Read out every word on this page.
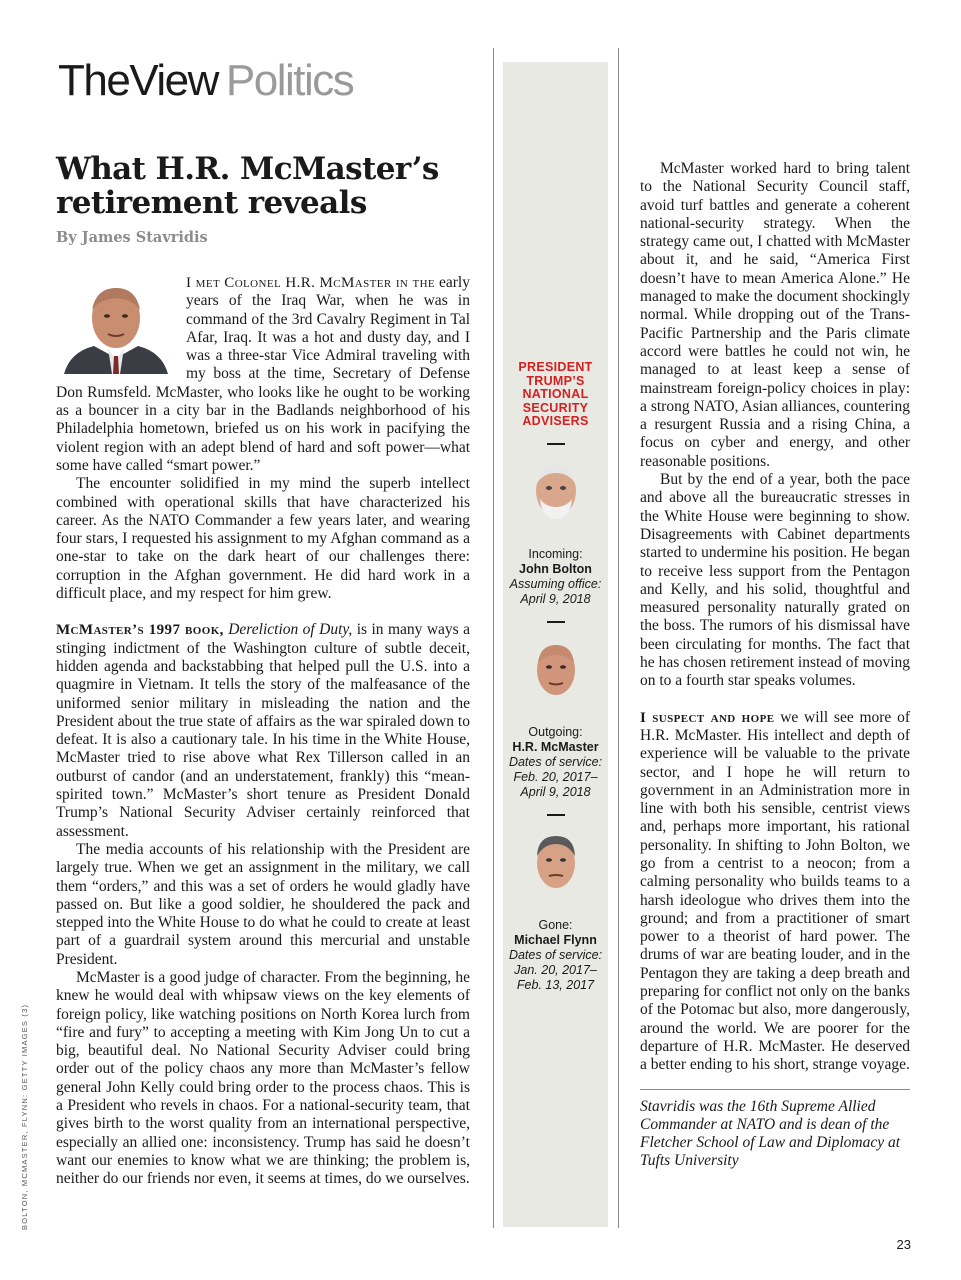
TheView Politics
What H.R. McMaster’s retirement reveals
By James Stavridis

I met Colonel H.R. McMaster in the early years of the Iraq War, when he was in command of the 3rd Cavalry Regiment in Tal Afar, Iraq. It was a hot and dusty day, and I was a three-star Vice Admiral traveling with my boss at the time, Secretary of Defense Don Rumsfeld. McMaster, who looks like he ought to be working as a bouncer in a city bar in the Badlands neighborhood of his Philadelphia hometown, briefed us on his work in pacifying the violent region with an adept blend of hard and soft power—what some have called “smart power.”

The encounter solidified in my mind the superb intellect combined with operational skills that have characterized his career. As the NATO Commander a few years later, and wearing four stars, I requested his assignment to my Afghan command as a one-star to take on the dark heart of our challenges there: corruption in the Afghan government. He did hard work in a difficult place, and my respect for him grew.

McMaster’s 1997 book, Dereliction of Duty, is in many ways a stinging indictment of the Washington culture of subtle deceit, hidden agenda and backstabbing that helped pull the U.S. into a quagmire in Vietnam. It tells the story of the malfeasance of the uniformed senior military in misleading the nation and the President about the true state of affairs as the war spiraled down to defeat. It is also a cautionary tale. In his time in the White House, McMaster tried to rise above what Rex Tillerson called in an outburst of candor (and an understatement, frankly) this “mean-spirited town.” McMaster’s short tenure as President Donald Trump’s National Security Adviser certainly reinforced that assessment.

The media accounts of his relationship with the President are largely true. When we get an assignment in the military, we call them “orders,” and this was a set of orders he would gladly have passed on. But like a good soldier, he shouldered the pack and stepped into the White House to do what he could to create at least part of a guardrail system around this mercurial and unstable President.

McMaster is a good judge of character. From the beginning, he knew he would deal with whipsaw views on the key elements of foreign policy, like watching positions on North Korea lurch from “fire and fury” to accepting a meeting with Kim Jong Un to cut a big, beautiful deal. No National Security Adviser could bring order out of the policy chaos any more than McMaster’s fellow general John Kelly could bring order to the process chaos. This is a President who revels in chaos. For a national-security team, that gives birth to the worst quality from an international perspective, especially an allied one: inconsistency. Trump has said he doesn’t want our enemies to know what we are thinking; the problem is, neither do our friends nor even, it seems at times, do we ourselves.

PRESIDENT TRUMP’S NATIONAL SECURITY ADVISERS
Incoming:
John Bolton
Assuming office:
April 9, 2018
Outgoing:
H.R. McMaster
Dates of service:
Feb. 20, 2017– April 9, 2018
Gone:
Michael Flynn
Dates of service:
Jan. 20, 2017– Feb. 13, 2017

McMaster worked hard to bring talent to the National Security Council staff, avoid turf battles and generate a coherent national-security strategy. When the strategy came out, I chatted with McMaster about it, and he said, “America First doesn’t have to mean America Alone.” He managed to make the document shockingly normal. While dropping out of the Trans-Pacific Partnership and the Paris climate accord were battles he could not win, he managed to at least keep a sense of mainstream foreign-policy choices in play: a strong NATO, Asian alliances, countering a resurgent Russia and a rising China, a focus on cyber and energy, and other reasonable positions.

But by the end of a year, both the pace and above all the bureaucratic stresses in the White House were beginning to show. Disagreements with Cabinet departments started to undermine his position. He began to receive less support from the Pentagon and Kelly, and his solid, thoughtful and measured personality naturally grated on the boss. The rumors of his dismissal have been circulating for months. The fact that he has chosen retirement instead of moving on to a fourth star speaks volumes.

I suspect and hope we will see more of H.R. McMaster. His intellect and depth of experience will be valuable to the private sector, and I hope he will return to government in an Administration more in line with both his sensible, centrist views and, perhaps more important, his rational personality. In shifting to John Bolton, we go from a centrist to a neocon; from a calming personality who builds teams to a harsh ideologue who drives them into the ground; and from a practitioner of smart power to a theorist of hard power. The drums of war are beating louder, and in the Pentagon they are taking a deep breath and preparing for conflict not only on the banks of the Potomac but also, more dangerously, around the world. We are poorer for the departure of H.R. McMaster. He deserved a better ending to his short, strange voyage.

Stavridis was the 16th Supreme Allied Commander at NATO and is dean of the Fletcher School of Law and Diplomacy at Tufts University
BOLTON, MCMASTER, FLYNN: GETTY IMAGES (3)
23
